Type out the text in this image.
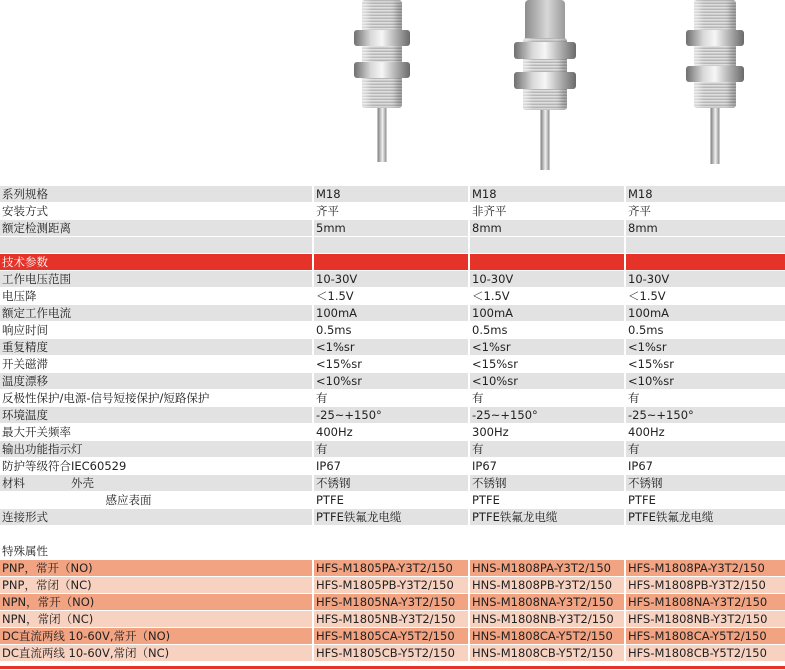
系列规格	M18	M18	M18
安装方式	齐平	非齐平	齐平
额定检测距离	5mm	8mm	8mm
技术参数
工作电压范围	10-30V	10-30V	10-30V
电压降	＜1.5V	＜1.5V	＜1.5V
额定工作电流	100mA	100mA	100mA
响应时间	0.5ms	0.5ms	0.5ms
重复精度	<1%sr	<1%sr	<1%sr
开关磁滞	<15%sr	<15%sr	<15%sr
温度漂移	<10%sr	<10%sr	<10%sr
反极性保护/电源-信号短接保护/短路保护	有	有	有
环境温度	-25~+150°	-25~+150°	-25~+150°
最大开关频率	400Hz	300Hz	400Hz
输出功能指示灯	有	有	有
防护等级符合IEC60529	IP67	IP67	IP67
材料　　　　外壳	不锈钢	不锈钢	不锈钢
　　　　　　　　　感应表面	PTFE	PTFE	PTFE
连接形式	PTFE铁氟龙电缆	PTFE铁氟龙电缆	PTFE铁氟龙电缆
特殊属性
PNP，常开（NO)	HFS-M1805PA-Y3T2/150	HNS-M1808PA-Y3T2/150	HFS-M1808PA-Y3T2/150
PNP，常闭（NC)	HFS-M1805PB-Y3T2/150	HNS-M1808PB-Y3T2/150	HFS-M1808PB-Y3T2/150
NPN，常开（NO)	HFS-M1805NA-Y3T2/150	HNS-M1808NA-Y3T2/150	HFS-M1808NA-Y3T2/150
NPN，常闭（NC)	HFS-M1805NB-Y3T2/150	HNS-M1808NB-Y3T2/150	HFS-M1808NB-Y3T2/150
DC直流两线 10-60V,常开（NO)	HFS-M1805CA-Y5T2/150	HNS-M1808CA-Y5T2/150	HFS-M1808CA-Y5T2/150
DC直流两线 10-60V,常闭（NC)	HFS-M1805CB-Y5T2/150	HNS-M1808CB-Y5T2/150	HFS-M1808CB-Y5T2/150
